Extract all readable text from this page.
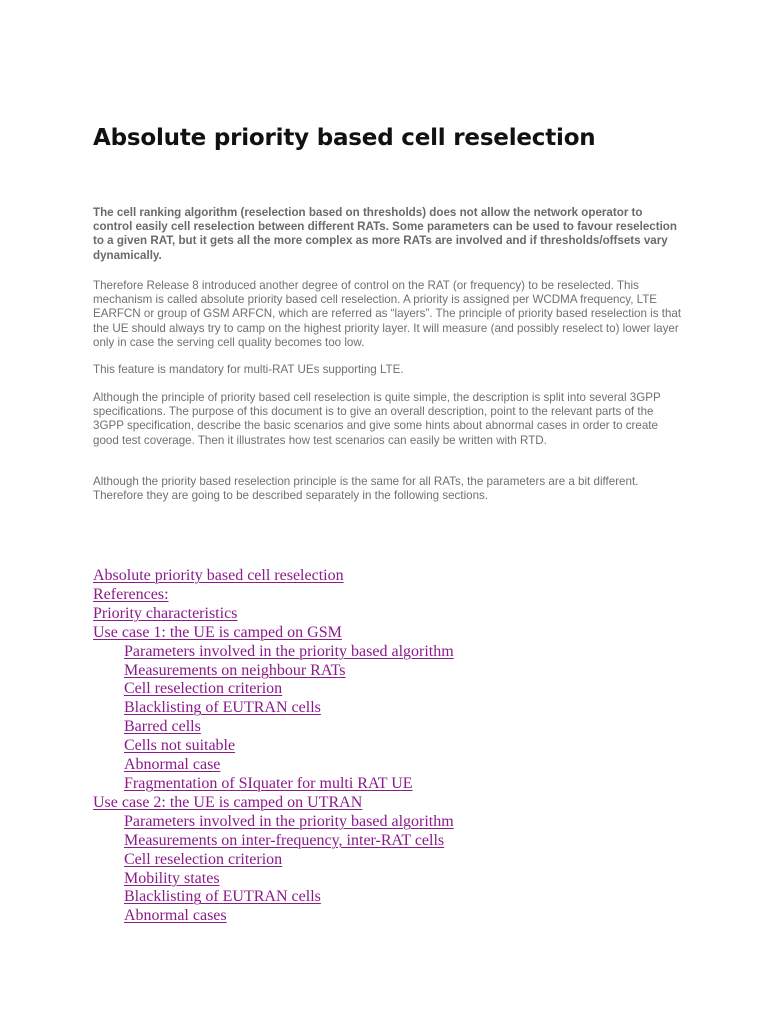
Absolute priority based cell reselection

The cell ranking algorithm (reselection based on thresholds) does not allow the network operator to control easily cell reselection between different RATs. Some parameters can be used to favour reselection to a given RAT, but it gets all the more complex as more RATs are involved and if thresholds/offsets vary dynamically.

Therefore Release 8 introduced another degree of control on the RAT (or frequency) to be reselected. This mechanism is called absolute priority based cell reselection. A priority is assigned per WCDMA frequency, LTE EARFCN or group of GSM ARFCN, which are referred as “layers”. The principle of priority based reselection is that the UE should always try to camp on the highest priority layer. It will measure (and possibly reselect to) lower layer only in case the serving cell quality becomes too low.

This feature is mandatory for multi-RAT UEs supporting LTE.

Although the principle of priority based cell reselection is quite simple, the description is split into several 3GPP specifications. The purpose of this document is to give an overall description, point to the relevant parts of the 3GPP specification, describe the basic scenarios and give some hints about abnormal cases in order to create good test coverage. Then it illustrates how test scenarios can easily be written with RTD.

Although the priority based reselection principle is the same for all RATs, the parameters are a bit different. Therefore they are going to be described separately in the following sections.

Absolute priority based cell reselection
References:
Priority characteristics
Use case 1: the UE is camped on GSM
Parameters involved in the priority based algorithm
Measurements on neighbour RATs
Cell reselection criterion
Blacklisting of EUTRAN cells
Barred cells
Cells not suitable
Abnormal case
Fragmentation of SIquater for multi RAT UE
Use case 2: the UE is camped on UTRAN
Parameters involved in the priority based algorithm
Measurements on inter-frequency, inter-RAT cells
Cell reselection criterion
Mobility states
Blacklisting of EUTRAN cells
Abnormal cases
